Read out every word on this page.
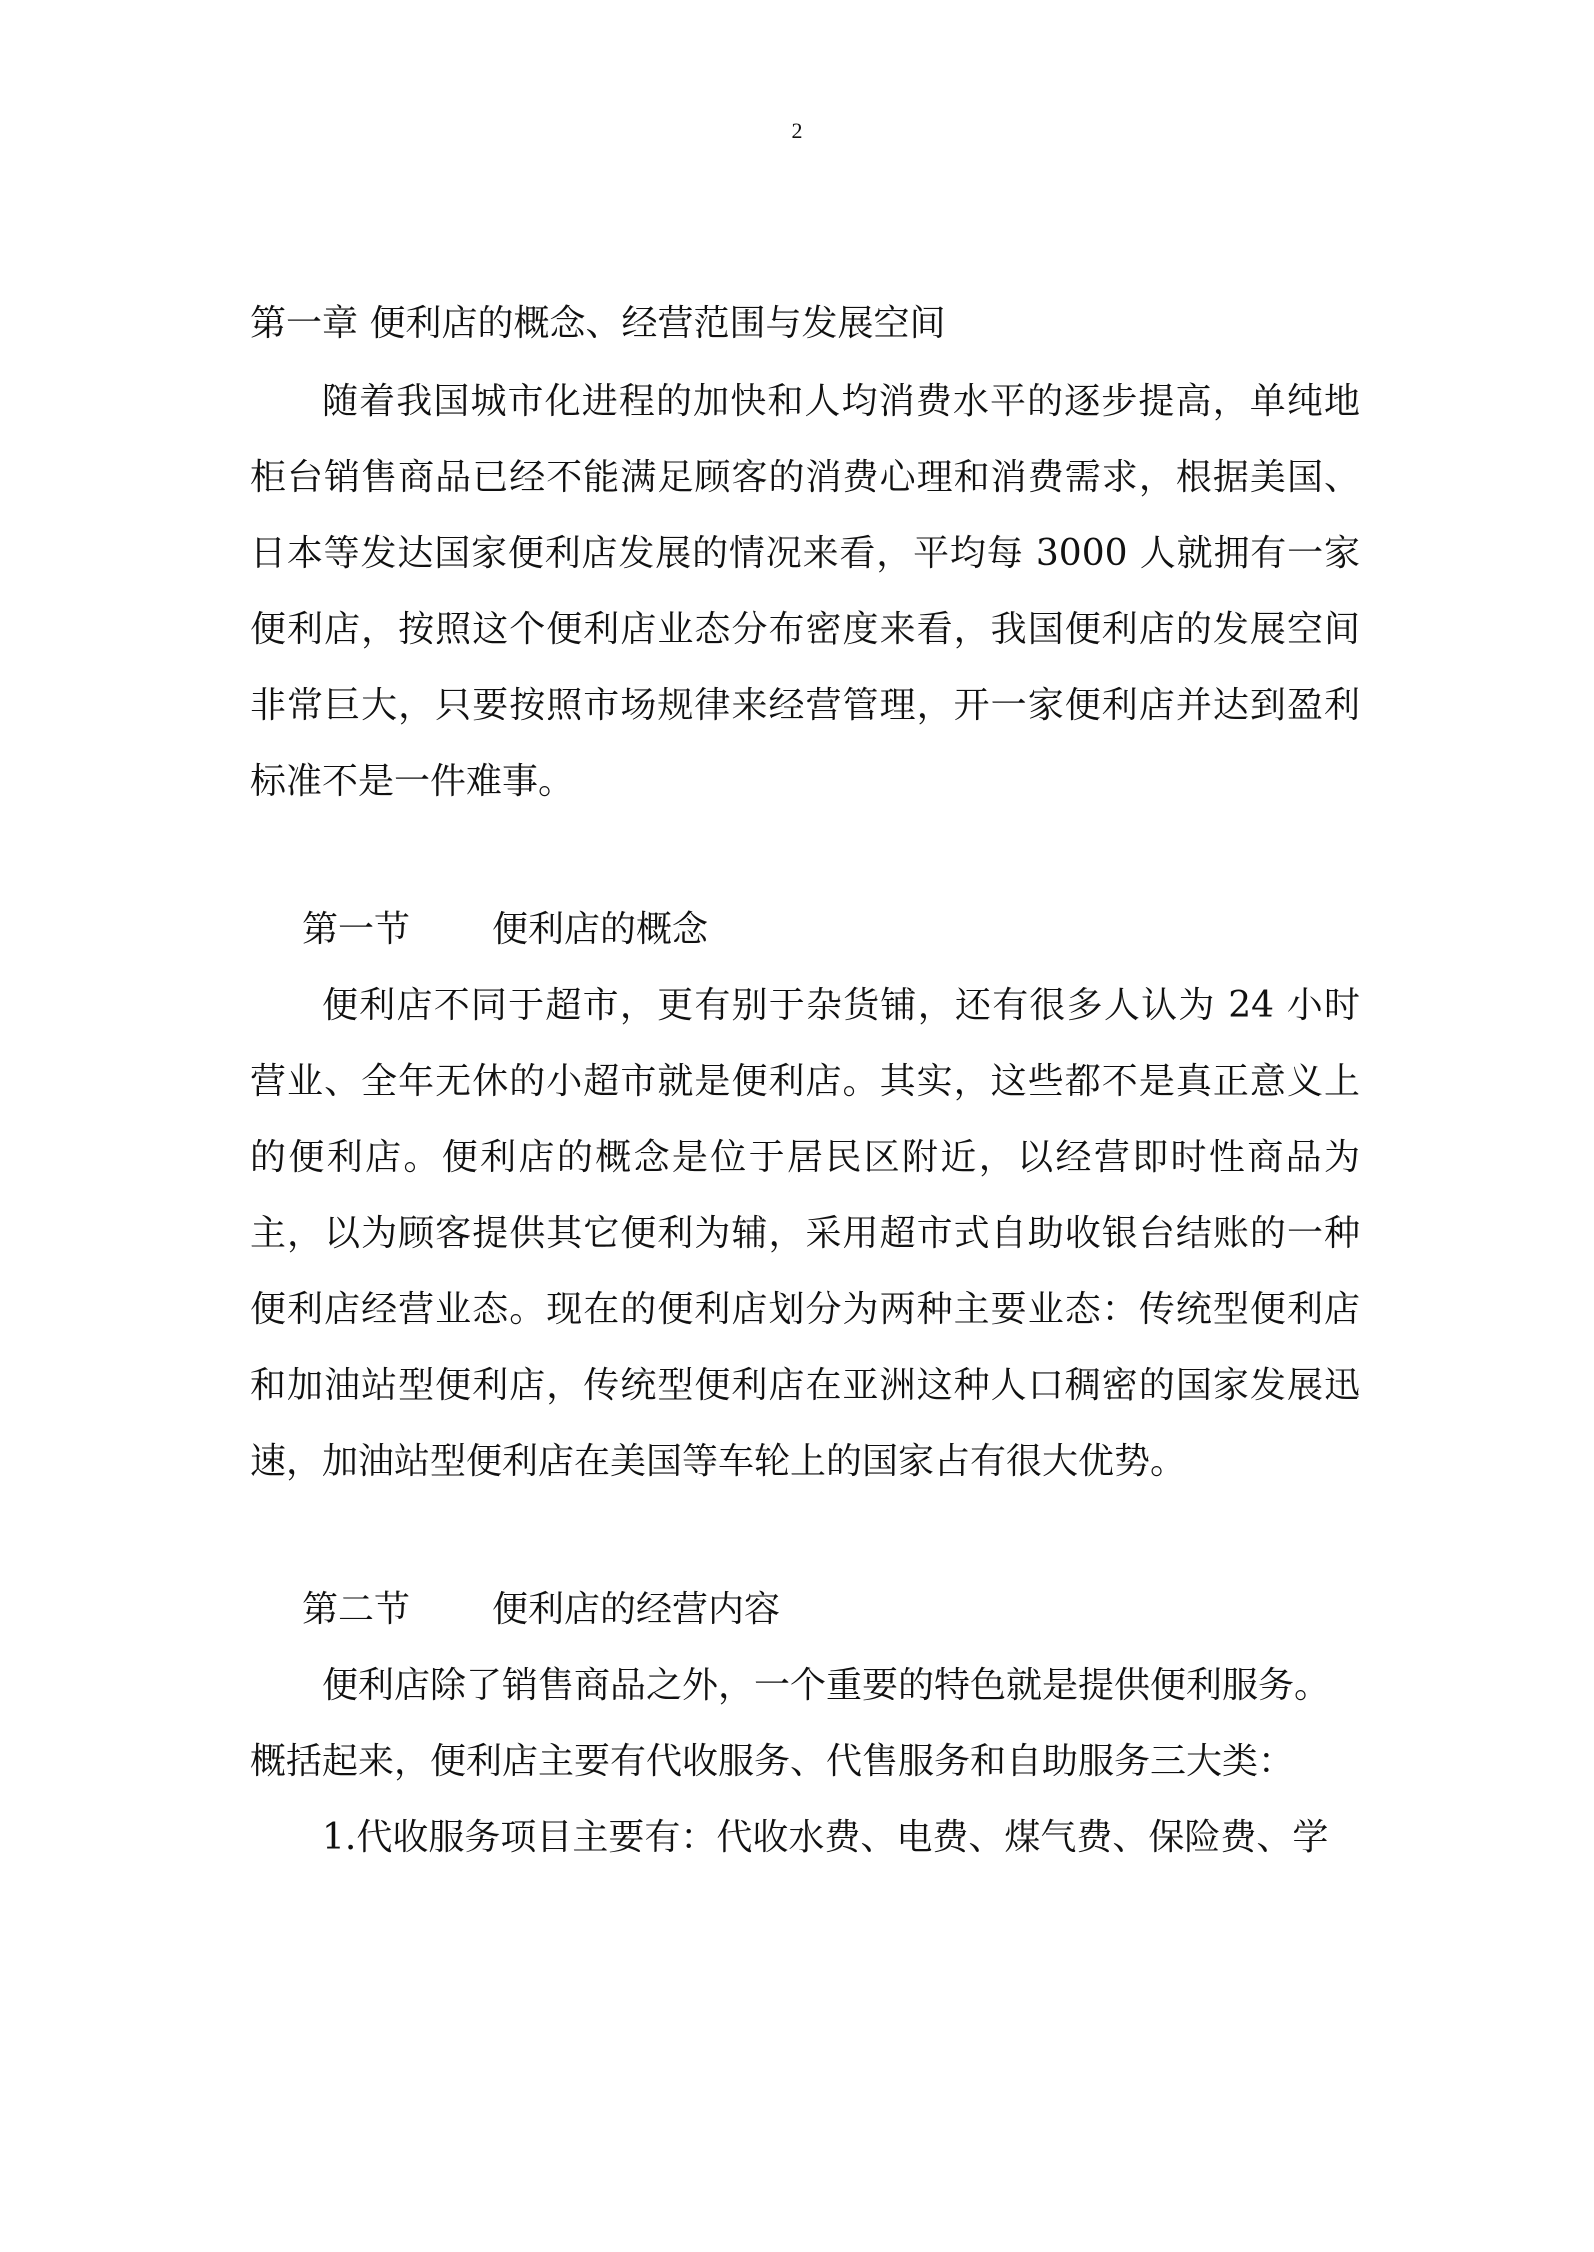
2
第一章 便利店的概念、经营范围与发展空间

随着我国城市化进程的加快和人均消费水平的逐步提高，单纯地柜台销售商品已经不能满足顾客的消费心理和消费需求，根据美国、日本等发达国家便利店发展的情况来看，平均每 3000 人就拥有一家便利店，按照这个便利店业态分布密度来看，我国便利店的发展空间非常巨大，只要按照市场规律来经营管理，开一家便利店并达到盈利标准不是一件难事。

第一节 便利店的概念

便利店不同于超市，更有别于杂货铺，还有很多人认为 24 小时营业、全年无休的小超市就是便利店。其实，这些都不是真正意义上的便利店。便利店的概念是位于居民区附近，以经营即时性商品为主，以为顾客提供其它便利为辅，采用超市式自助收银台结账的一种便利店经营业态。现在的便利店划分为两种主要业态：传统型便利店和加油站型便利店，传统型便利店在亚洲这种人口稠密的国家发展迅速，加油站型便利店在美国等车轮上的国家占有很大优势。

第二节 便利店的经营内容

便利店除了销售商品之外，一个重要的特色就是提供便利服务。

概括起来，便利店主要有代收服务、代售服务和自助服务三大类：

1.代收服务项目主要有：代收水费、电费、煤气费、保险费、学
